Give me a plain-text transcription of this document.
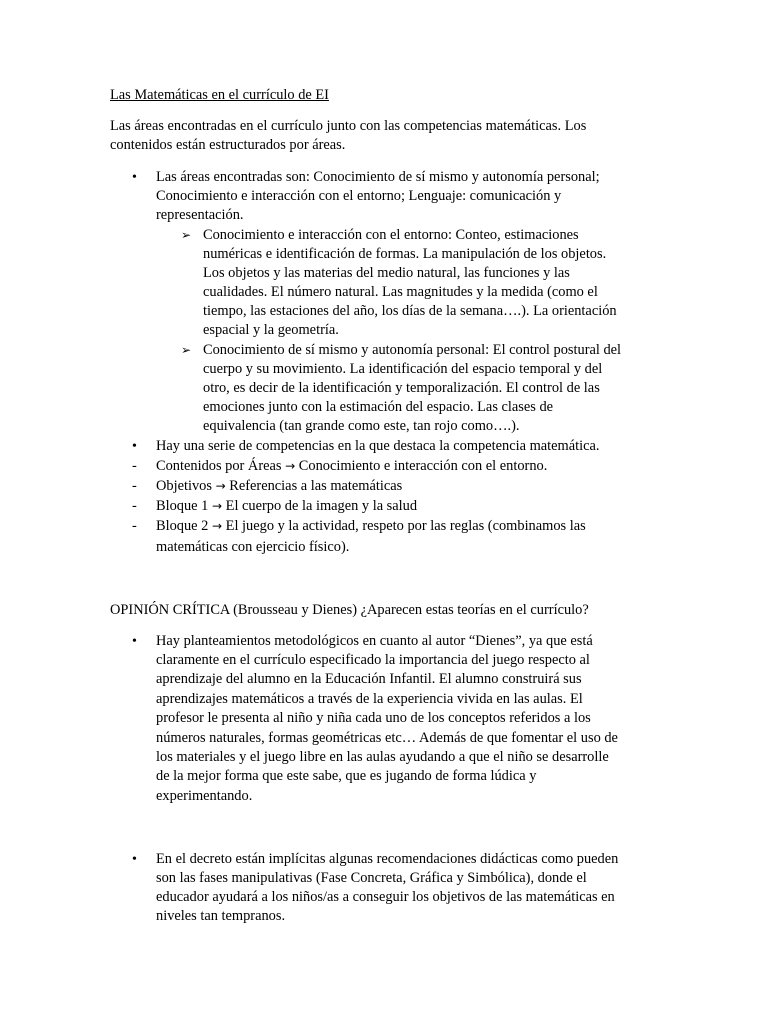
Las Matemáticas en el currículo de EI
Las áreas encontradas en el currículo junto con las competencias matemáticas. Los
contenidos están estructurados por áreas.
• Las áreas encontradas son: Conocimiento de sí mismo y autonomía personal;
Conocimiento e interacción con el entorno; Lenguaje: comunicación y
representación.
➢ Conocimiento e interacción con el entorno: Conteo, estimaciones
numéricas e identificación de formas. La manipulación de los objetos.
Los objetos y las materias del medio natural, las funciones y las
cualidades. El número natural. Las magnitudes y la medida (como el
tiempo, las estaciones del año, los días de la semana….). La orientación
espacial y la geometría.
➢ Conocimiento de sí mismo y autonomía personal: El control postural del
cuerpo y su movimiento. La identificación del espacio temporal y del
otro, es decir de la identificación y temporalización. El control de las
emociones junto con la estimación del espacio. Las clases de
equivalencia (tan grande como este, tan rojo como….).
• Hay una serie de competencias en la que destaca la competencia matemática.
- Contenidos por Áreas → Conocimiento e interacción con el entorno.
- Objetivos → Referencias a las matemáticas
- Bloque 1 → El cuerpo de la imagen y la salud
- Bloque 2 → El juego y la actividad, respeto por las reglas (combinamos las
matemáticas con ejercicio físico).
OPINIÓN CRÍTICA (Brousseau y Dienes) ¿Aparecen estas teorías en el currículo?
• Hay planteamientos metodológicos en cuanto al autor “Dienes”, ya que está
claramente en el currículo especificado la importancia del juego respecto al
aprendizaje del alumno en la Educación Infantil. El alumno construirá sus
aprendizajes matemáticos a través de la experiencia vivida en las aulas. El
profesor le presenta al niño y niña cada uno de los conceptos referidos a los
números naturales, formas geométricas etc… Además de que fomentar el uso de
los materiales y el juego libre en las aulas ayudando a que el niño se desarrolle
de la mejor forma que este sabe, que es jugando de forma lúdica y
experimentando.
• En el decreto están implícitas algunas recomendaciones didácticas como pueden
son las fases manipulativas (Fase Concreta, Gráfica y Simbólica), donde el
educador ayudará a los niños/as a conseguir los objetivos de las matemáticas en
niveles tan tempranos.
